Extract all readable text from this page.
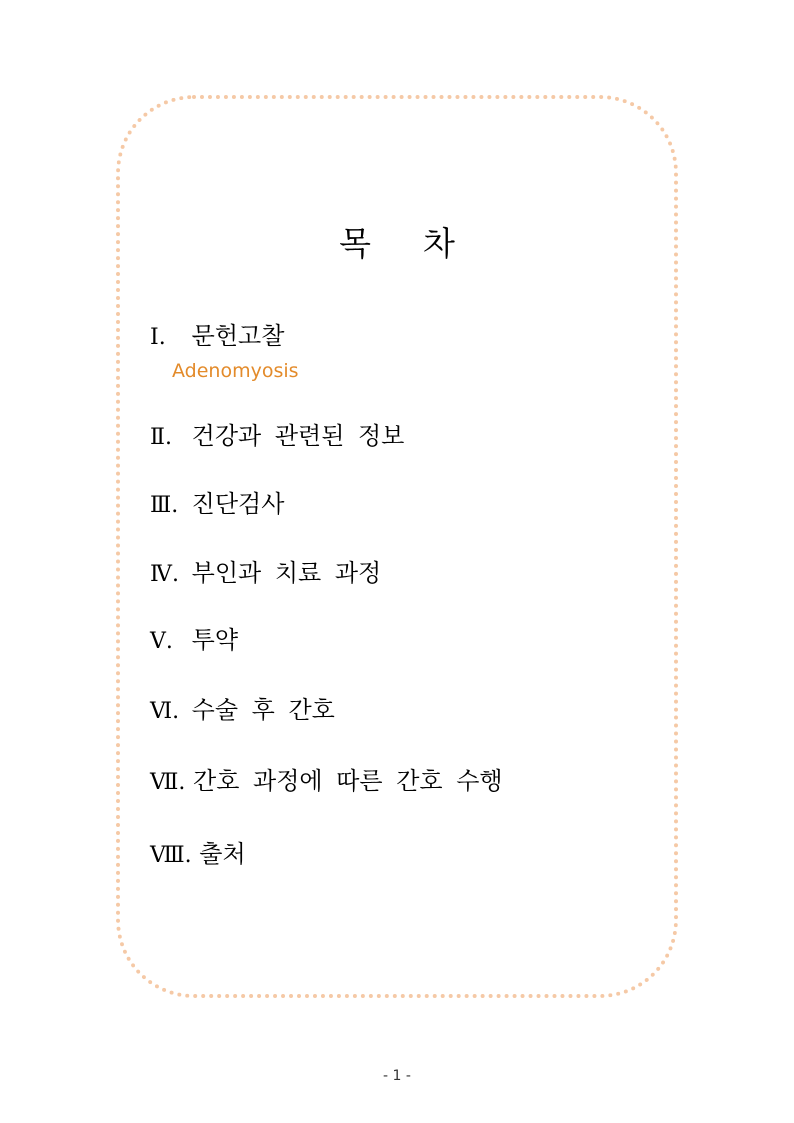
목 차
Ⅰ. 문헌고찰
Adenomyosis
Ⅱ. 건강과 관련된 정보
Ⅲ. 진단검사
Ⅳ. 부인과 치료 과정
Ⅴ. 투약
Ⅵ. 수술 후 간호
Ⅶ. 간호 과정에 따른 간호 수행
Ⅷ. 출처
- 1 -
